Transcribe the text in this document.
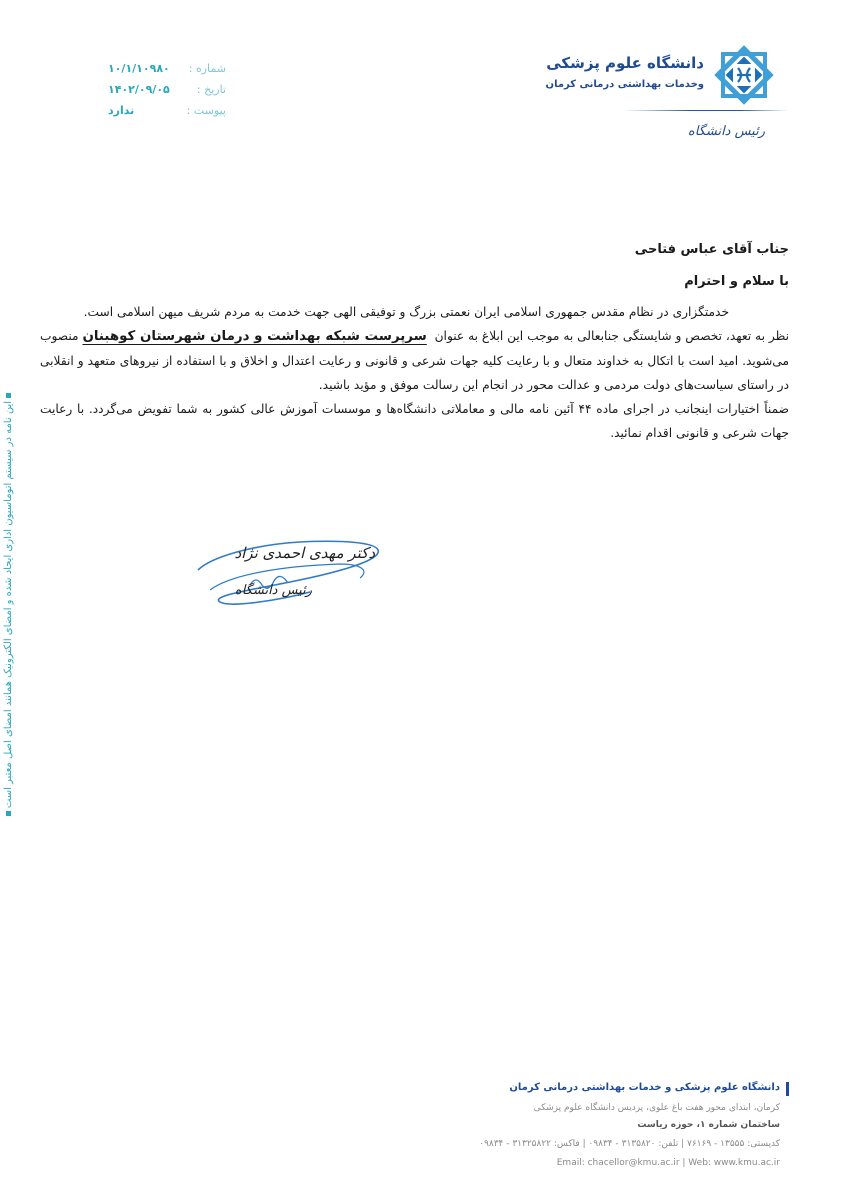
دانشگاه علوم پزشکی
وخدمات بهداشتی درمانی کرمان
رئیس دانشگاه
شماره :
۱۰/۱/۱۰۹۸۰
تاریخ :
۱۴۰۲/۰۹/۰۵
پیوست :
ندارد
جناب آقای عباس فتاحی
با سلام و احترام

خدمتگزاری در نظام مقدس جمهوری اسلامی ایران نعمتی بزرگ و توفیقی الهی جهت خدمت به مردم شریف میهن اسلامی است.

نظر به تعهد، تخصص و شایستگی جنابعالی به موجب این ابلاغ به عنوان  سرپرست شبکه بهداشت و درمان شهرستان کوهبنان منصوب می‌شوید. امید است با اتکال به خداوند متعال و با رعایت کلیه جهات شرعی و قانونی و رعایت اعتدال و اخلاق و با استفاده از نیروهای متعهد و انقلابی در راستای سیاست‌های دولت مردمی و عدالت محور در انجام این رسالت موفق و مؤید باشید.

ضمناً اختیارات اینجانب در اجرای ماده ۴۴ آئین نامه مالی و معاملاتی دانشگاه‌ها و موسسات آموزش عالی کشور به شما تفویض می‌گردد. با رعایت جهات شرعی و قانونی اقدام نمائید.

دکتر مهدی احمدی نژاد
رئیس دانشگاه
این نامه در سیستم اتوماسیون اداری ایجاد شده و امضای الکترونیک همانند امضای اصل معتبر است
دانشگاه علوم پزشکی و خدمات بهداشتی درمانی کرمان
کرمان، ابتدای محور هفت باغ علوی، پردیس دانشگاه علوم پزشکی
ساختمان شماره ۱، حوزه ریاست
کدپستی: ۱۳۵۵۵ - ۷۶۱۶۹ | تلفن: ۳۱۳۵۸۲۰ - ۰۹۸۳۴ | فاکس: ۳۱۳۲۵۸۲۲ - ۰۹۸۳۴
Email: chacellor@kmu.ac.ir | Web: www.kmu.ac.ir
